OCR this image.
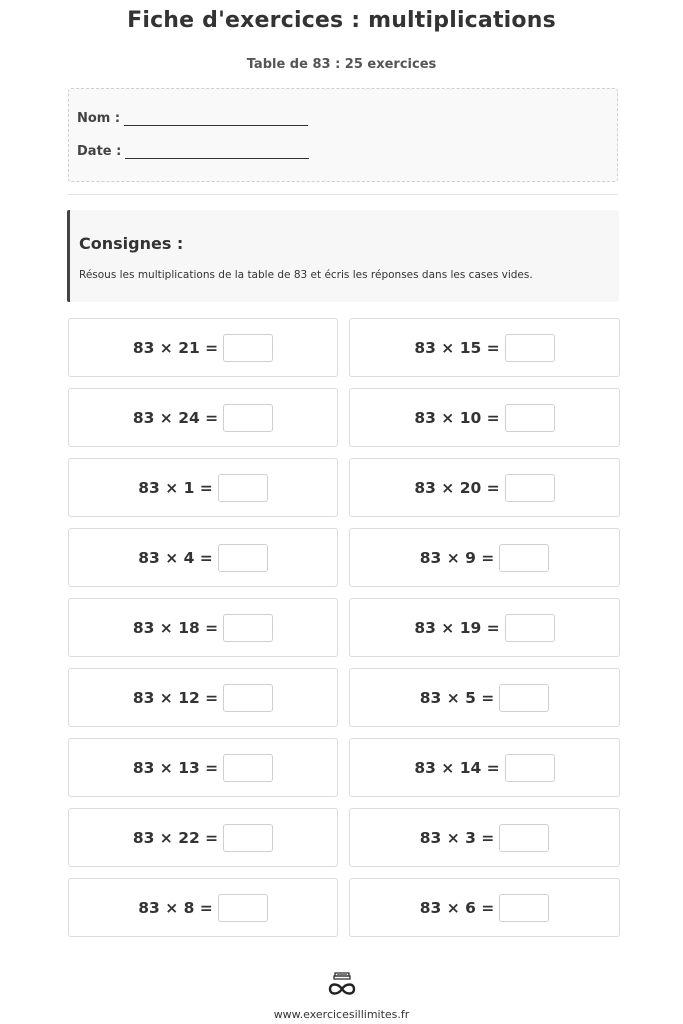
Fiche d'exercices : multiplications
Table de 83 : 25 exercices
Nom :
Date :
Consignes :
Résous les multiplications de la table de 83 et écris les réponses dans les cases vides.
83 × 21 =	83 × 15 =
83 × 24 =	83 × 10 =
83 × 1 =	83 × 20 =
83 × 4 =	83 × 9 =
83 × 18 =	83 × 19 =
83 × 12 =	83 × 5 =
83 × 13 =	83 × 14 =
83 × 22 =	83 × 3 =
83 × 8 =	83 × 6 =
www.exercicesillimites.fr
